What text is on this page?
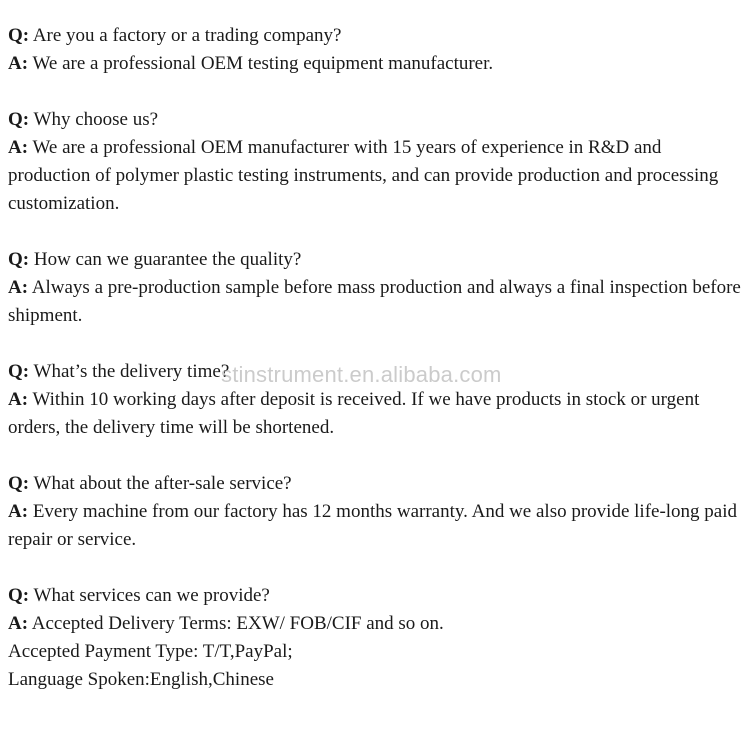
Q: Are you a factory or a trading company?
A: We are a professional OEM testing equipment manufacturer.
Q: Why choose us?
A: We are a professional OEM manufacturer with 15 years of experience in R&D and production of polymer plastic testing instruments, and can provide production and processing customization.
Q: How can we guarantee the quality?
A: Always a pre-production sample before mass production and always a final inspection before shipment.
Q: What’s the delivery time?
A: Within 10 working days after deposit is received. If we have products in stock or urgent orders, the delivery time will be shortened.
Q: What about the after-sale service?
A: Every machine from our factory has 12 months warranty. And we also provide life-long paid repair or service.
Q: What services can we provide?
A: Accepted Delivery Terms: EXW/ FOB/CIF and so on.
Accepted Payment Type: T/T,PayPal;
Language Spoken:English,Chinese
stinstrument.en.alibaba.com
